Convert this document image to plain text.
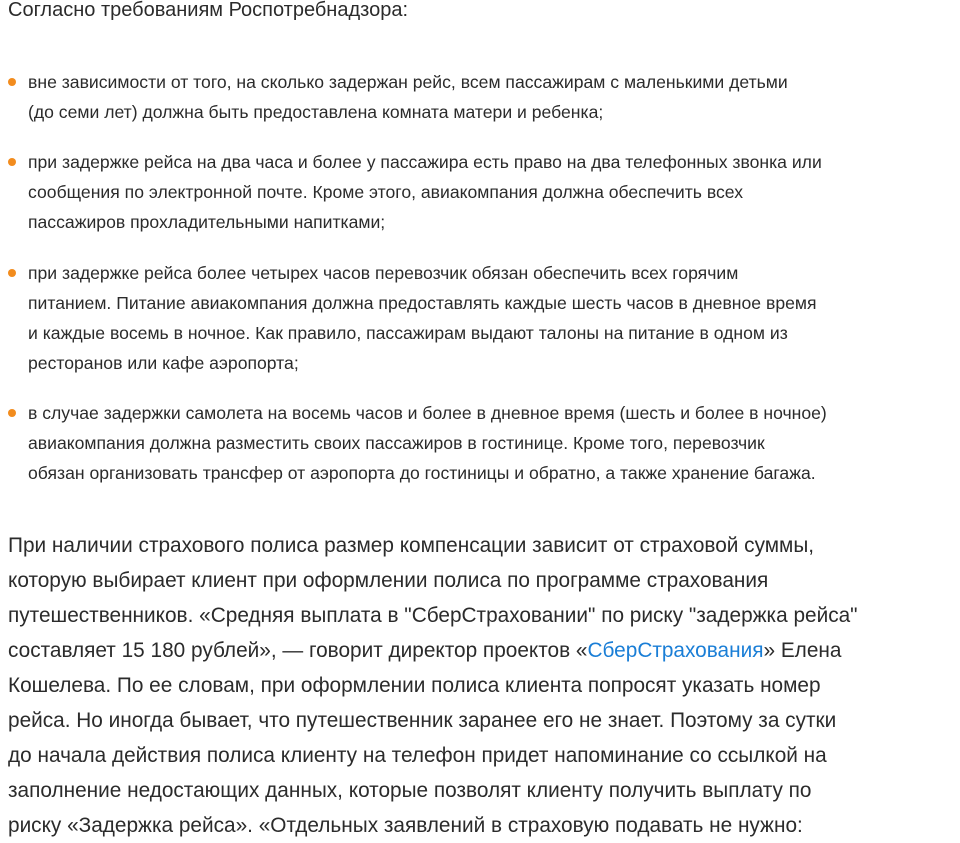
Согласно требованиям Роспотребнадзора:

вне зависимости от того, на сколько задержан рейс, всем пассажирам с маленькими детьми
(до семи лет) должна быть предоставлена комната матери и ребенка;
при задержке рейса на два часа и более у пассажира есть право на два телефонных звонка или
сообщения по электронной почте. Кроме этого, авиакомпания должна обеспечить всех
пассажиров прохладительными напитками;
при задержке рейса более четырех часов перевозчик обязан обеспечить всех горячим
питанием. Питание авиакомпания должна предоставлять каждые шесть часов в дневное время
и каждые восемь в ночное. Как правило, пассажирам выдают талоны на питание в одном из
ресторанов или кафе аэропорта;
в случае задержки самолета на восемь часов и более в дневное время (шесть и более в ночное)
авиакомпания должна разместить своих пассажиров в гостинице. Кроме того, перевозчик
обязан организовать трансфер от аэропорта до гостиницы и обратно, а также хранение багажа.

При наличии страхового полиса размер компенсации зависит от страховой суммы,
которую выбирает клиент при оформлении полиса по программе страхования
путешественников. «Средняя выплата в "СберСтраховании" по риску "задержка рейса"
составляет 15 180 рублей», — говорит директор проектов «СберСтрахования» Елена
Кошелева. По ее словам, при оформлении полиса клиента попросят указать номер
рейса. Но иногда бывает, что путешественник заранее его не знает. Поэтому за сутки
до начала действия полиса клиенту на телефон придет напоминание со ссылкой на
заполнение недостающих данных, которые позволят клиенту получить выплату по
риску «Задержка рейса». «Отдельных заявлений в страховую подавать не нужно:
